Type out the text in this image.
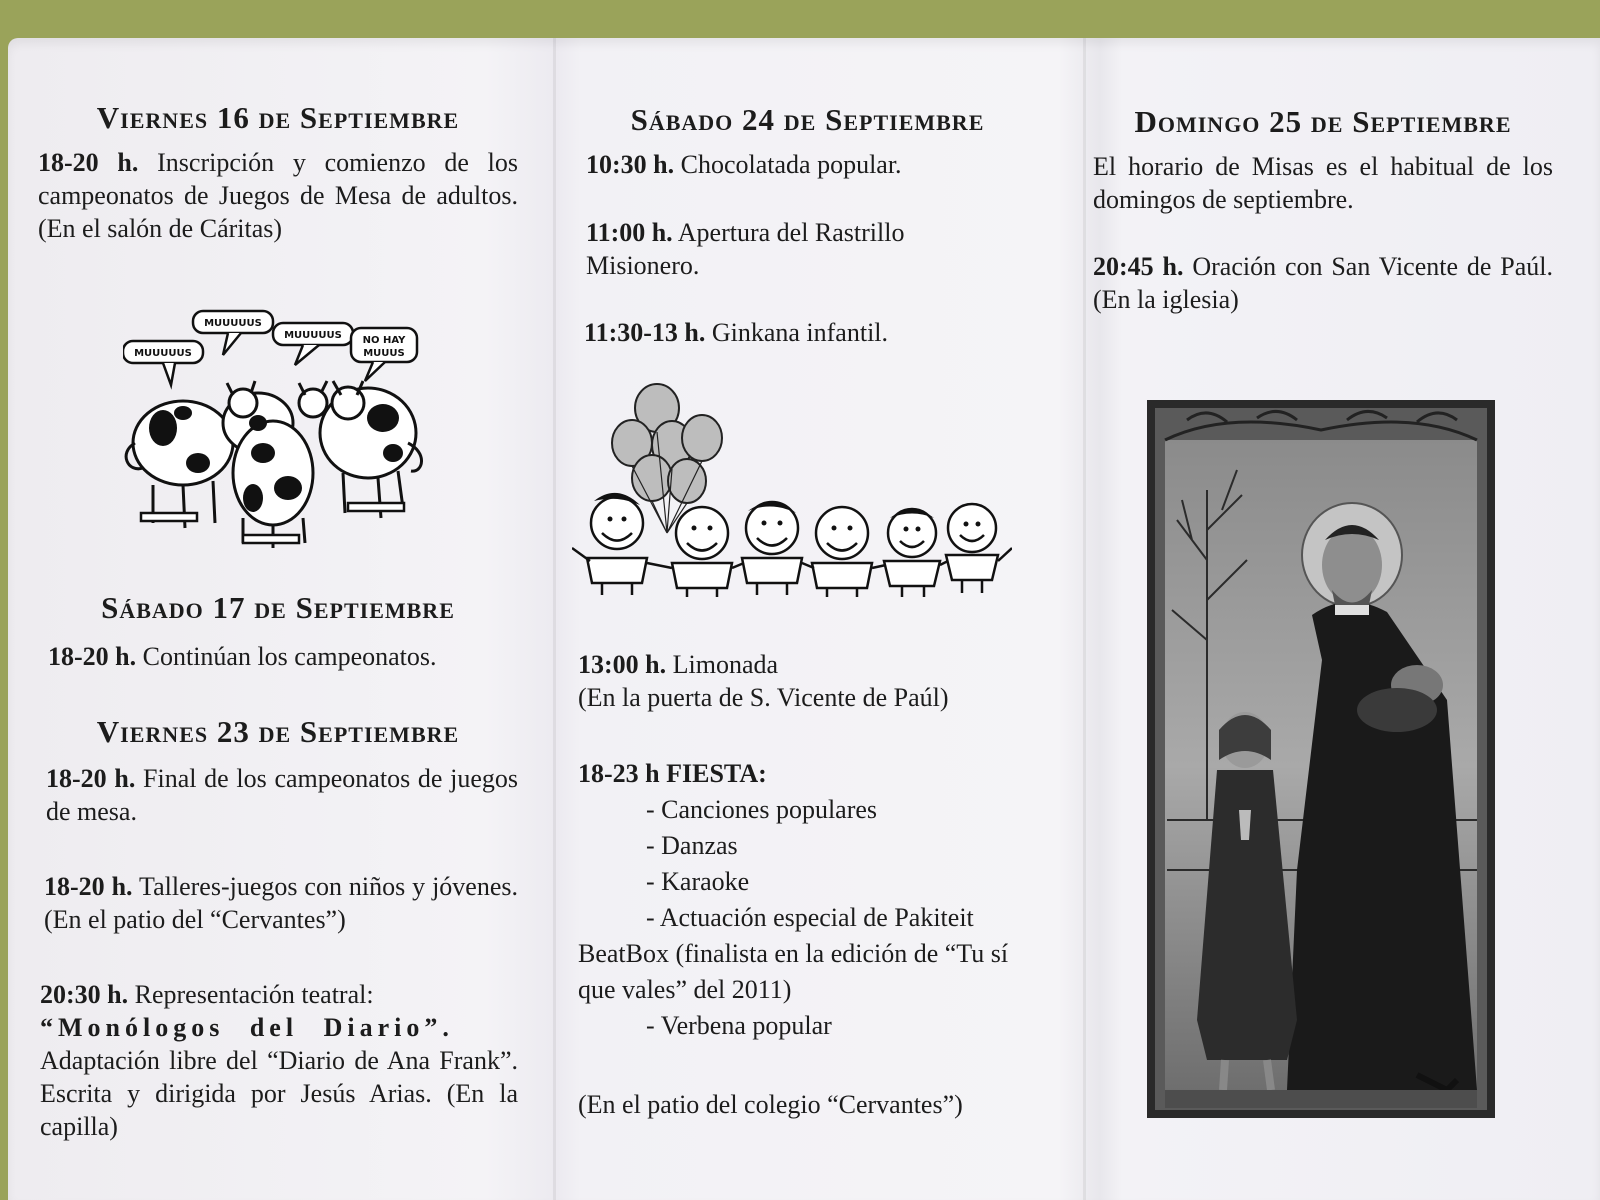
Viernes 16 de Septiembre
18-20 h. Inscripción y comienzo de los campeonatos de Juegos de Mesa de adultos. (En el salón de Cáritas)
MUUUUUS
MUUUUUS
MUUUUUS NO HAY
MUUUS
Sábado 17 de Septiembre
18-20 h. Continúan los campeonatos.
Viernes 23 de Septiembre
18-20 h. Final de los campeonatos de juegos de mesa.
18-20 h. Talleres-juegos con niños y jóvenes. (En el patio del “Cervantes”)
20:30 h. Representación teatral:
“Monólogos del Diario”.
Adaptación libre del “Diario de Ana Frank”. Escrita y dirigida por Jesús Arias. (En la capilla)
Sábado 24 de Septiembre
10:30 h. Chocolatada popular.
11:00 h. Apertura del Rastrillo Misionero.
11:30-13 h. Ginkana infantil.
13:00 h. Limonada
(En la puerta de S. Vicente de Paúl)
18-23 h FIESTA:
- Canciones populares
- Danzas
- Karaoke
- Actuación especial de Pakiteit
BeatBox (finalista en la edición de “Tu sí que vales” del 2011)
- Verbena popular
(En el patio del colegio “Cervantes”)
Domingo 25 de Septiembre
El horario de Misas es el habitual de los domingos de septiembre.
20:45 h. Oración con San Vicente de Paúl. (En la iglesia)
